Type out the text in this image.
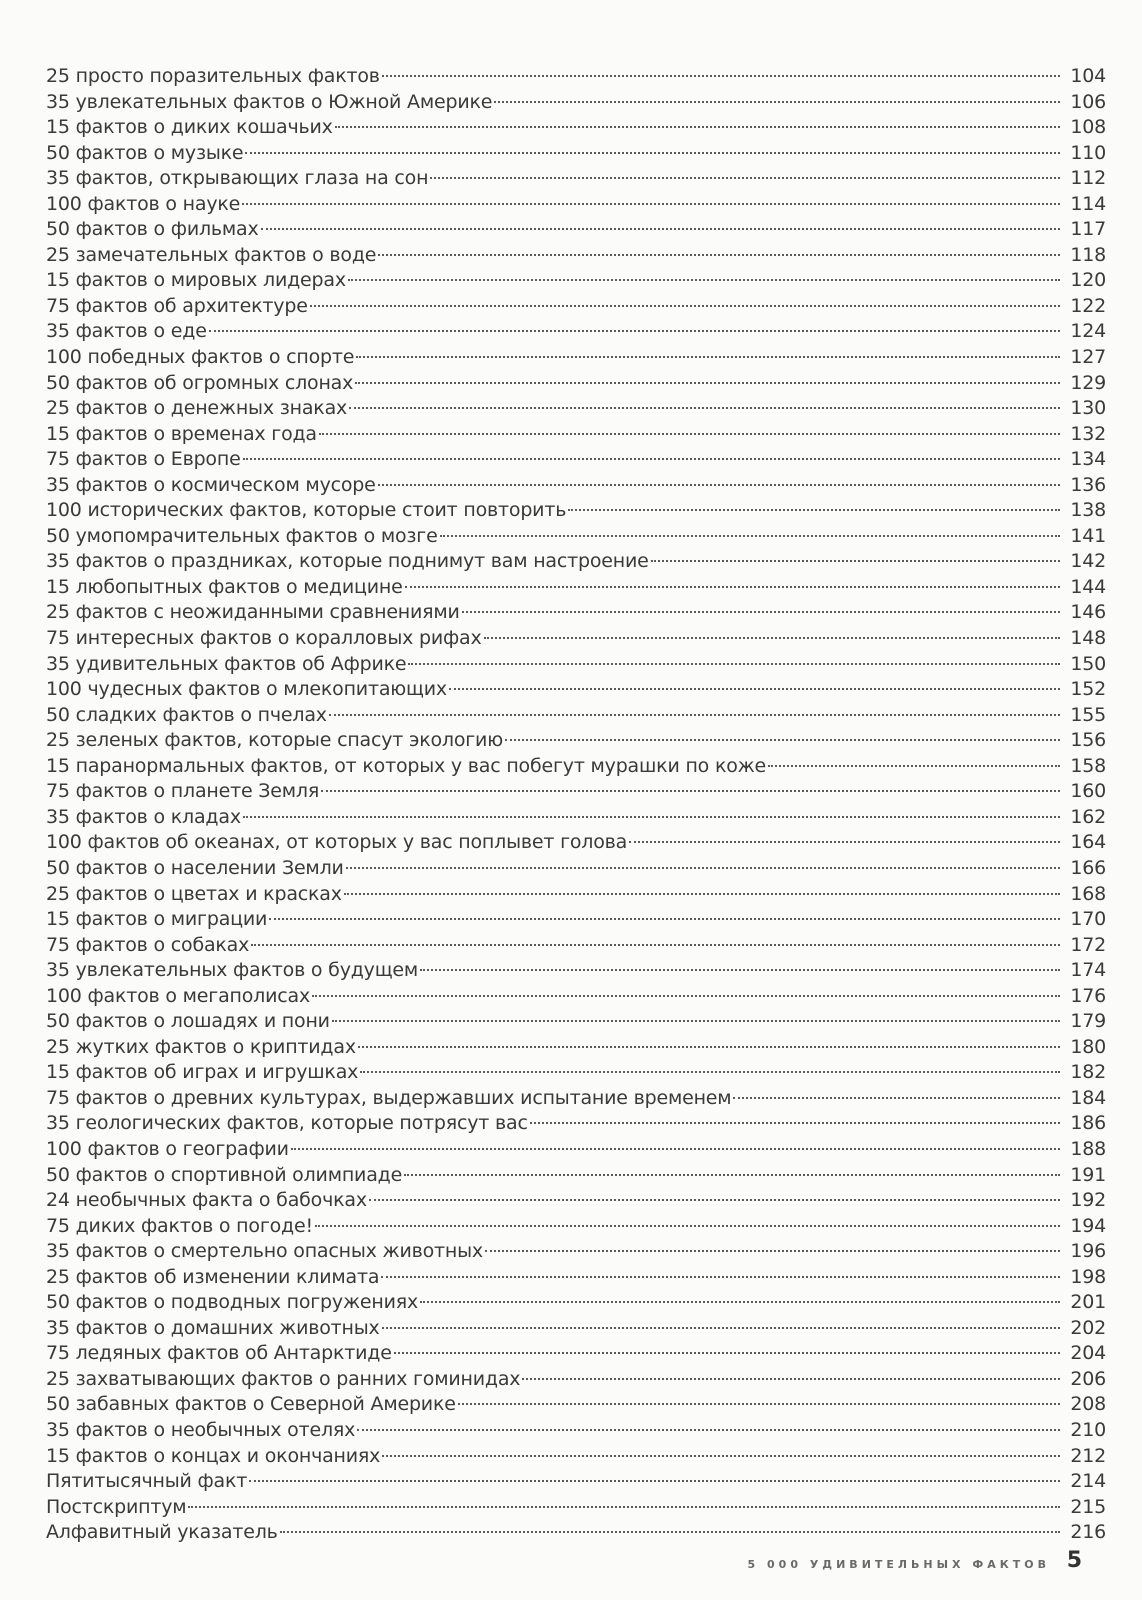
25 просто поразительных фактов	104
35 увлекательных фактов о Южной Америке	106
15 фактов о диких кошачьих	108
50 фактов о музыке	110
35 фактов, открывающих глаза на сон	112
100 фактов о науке	114
50 фактов о фильмах	117
25 замечательных фактов о воде	118
15 фактов о мировых лидерах	120
75 фактов об архитектуре	122
35 фактов о еде	124
100 победных фактов о спорте	127
50 фактов об огромных слонах	129
25 фактов о денежных знаках	130
15 фактов о временах года	132
75 фактов о Европе	134
35 фактов о космическом мусоре	136
100 исторических фактов, которые стоит повторить	138
50 умопомрачительных фактов о мозге	141
35 фактов о праздниках, которые поднимут вам настроение	142
15 любопытных фактов о медицине	144
25 фактов с неожиданными сравнениями	146
75 интересных фактов о коралловых рифах	148
35 удивительных фактов об Африке	150
100 чудесных фактов о млекопитающих	152
50 сладких фактов о пчелах	155
25 зеленых фактов, которые спасут экологию	156
15 паранормальных фактов, от которых у вас побегут мурашки по коже	158
75 фактов о планете Земля	160
35 фактов о кладах	162
100 фактов об океанах, от которых у вас поплывет голова	164
50 фактов о населении Земли	166
25 фактов о цветах и красках	168
15 фактов о миграции	170
75 фактов о собаках	172
35 увлекательных фактов о будущем	174
100 фактов о мегаполисах	176
50 фактов о лошадях и пони	179
25 жутких фактов о криптидах	180
15 фактов об играх и игрушках	182
75 фактов о древних культурах, выдержавших испытание временем	184
35 геологических фактов, которые потрясут вас	186
100 фактов о географии	188
50 фактов о спортивной олимпиаде	191
24 необычных факта о бабочках	192
75 диких фактов о погоде!	194
35 фактов о смертельно опасных животных	196
25 фактов об изменении климата	198
50 фактов о подводных погружениях	201
35 фактов о домашних животных	202
75 ледяных фактов об Антарктиде	204
25 захватывающих фактов о ранних гоминидах	206
50 забавных фактов о Северной Америке	208
35 фактов о необычных отелях	210
15 фактов о концах и окончаниях	212
Пятитысячный факт	214
Постскриптум	215
Алфавитный указатель	216
5 000 УДИВИТЕЛЬНЫХ ФАКТОВ 5
